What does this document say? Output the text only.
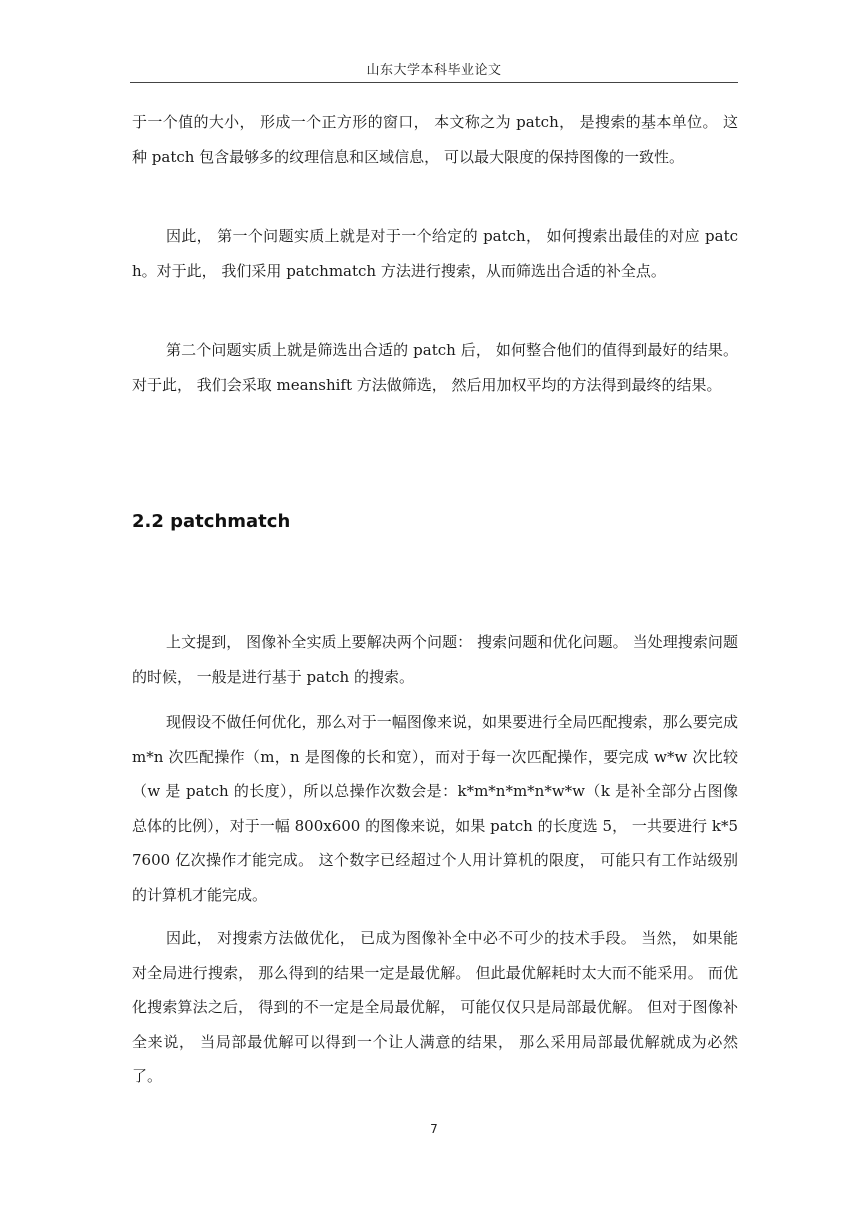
山东大学本科毕业论文

于一个值的大小， 形成一个正方形的窗口， 本文称之为 patch， 是搜索的基本单位。 这种 patch 包含最够多的纹理信息和区域信息， 可以最大限度的保持图像的一致性。

因此， 第一个问题实质上就是对于一个给定的 patch， 如何搜索出最佳的对应 patch。对于此， 我们采用 patchmatch 方法进行搜索，从而筛选出合适的补全点。

第二个问题实质上就是筛选出合适的 patch 后， 如何整合他们的值得到最好的结果。 对于此， 我们会采取 meanshift 方法做筛选， 然后用加权平均的方法得到最终的结果。

2.2 patchmatch

上文提到， 图像补全实质上要解决两个问题： 搜索问题和优化问题。 当处理搜索问题的时候， 一般是进行基于 patch 的搜索。

现假设不做任何优化，那么对于一幅图像来说，如果要进行全局匹配搜索，那么要完成 m*n 次匹配操作（m，n 是图像的长和宽），而对于每一次匹配操作，要完成 w*w 次比较（w 是 patch 的长度），所以总操作次数会是：k*m*n*m*n*w*w（k 是补全部分占图像总体的比例），对于一幅 800x600 的图像来说，如果 patch 的长度选 5， 一共要进行 k*57600 亿次操作才能完成。 这个数字已经超过个人用计算机的限度， 可能只有工作站级别的计算机才能完成。

因此， 对搜索方法做优化， 已成为图像补全中必不可少的技术手段。 当然， 如果能对全局进行搜索， 那么得到的结果一定是最优解。 但此最优解耗时太大而不能采用。 而优化搜索算法之后， 得到的不一定是全局最优解， 可能仅仅只是局部最优解。 但对于图像补全来说， 当局部最优解可以得到一个让人满意的结果， 那么采用局部最优解就成为必然了。

7
